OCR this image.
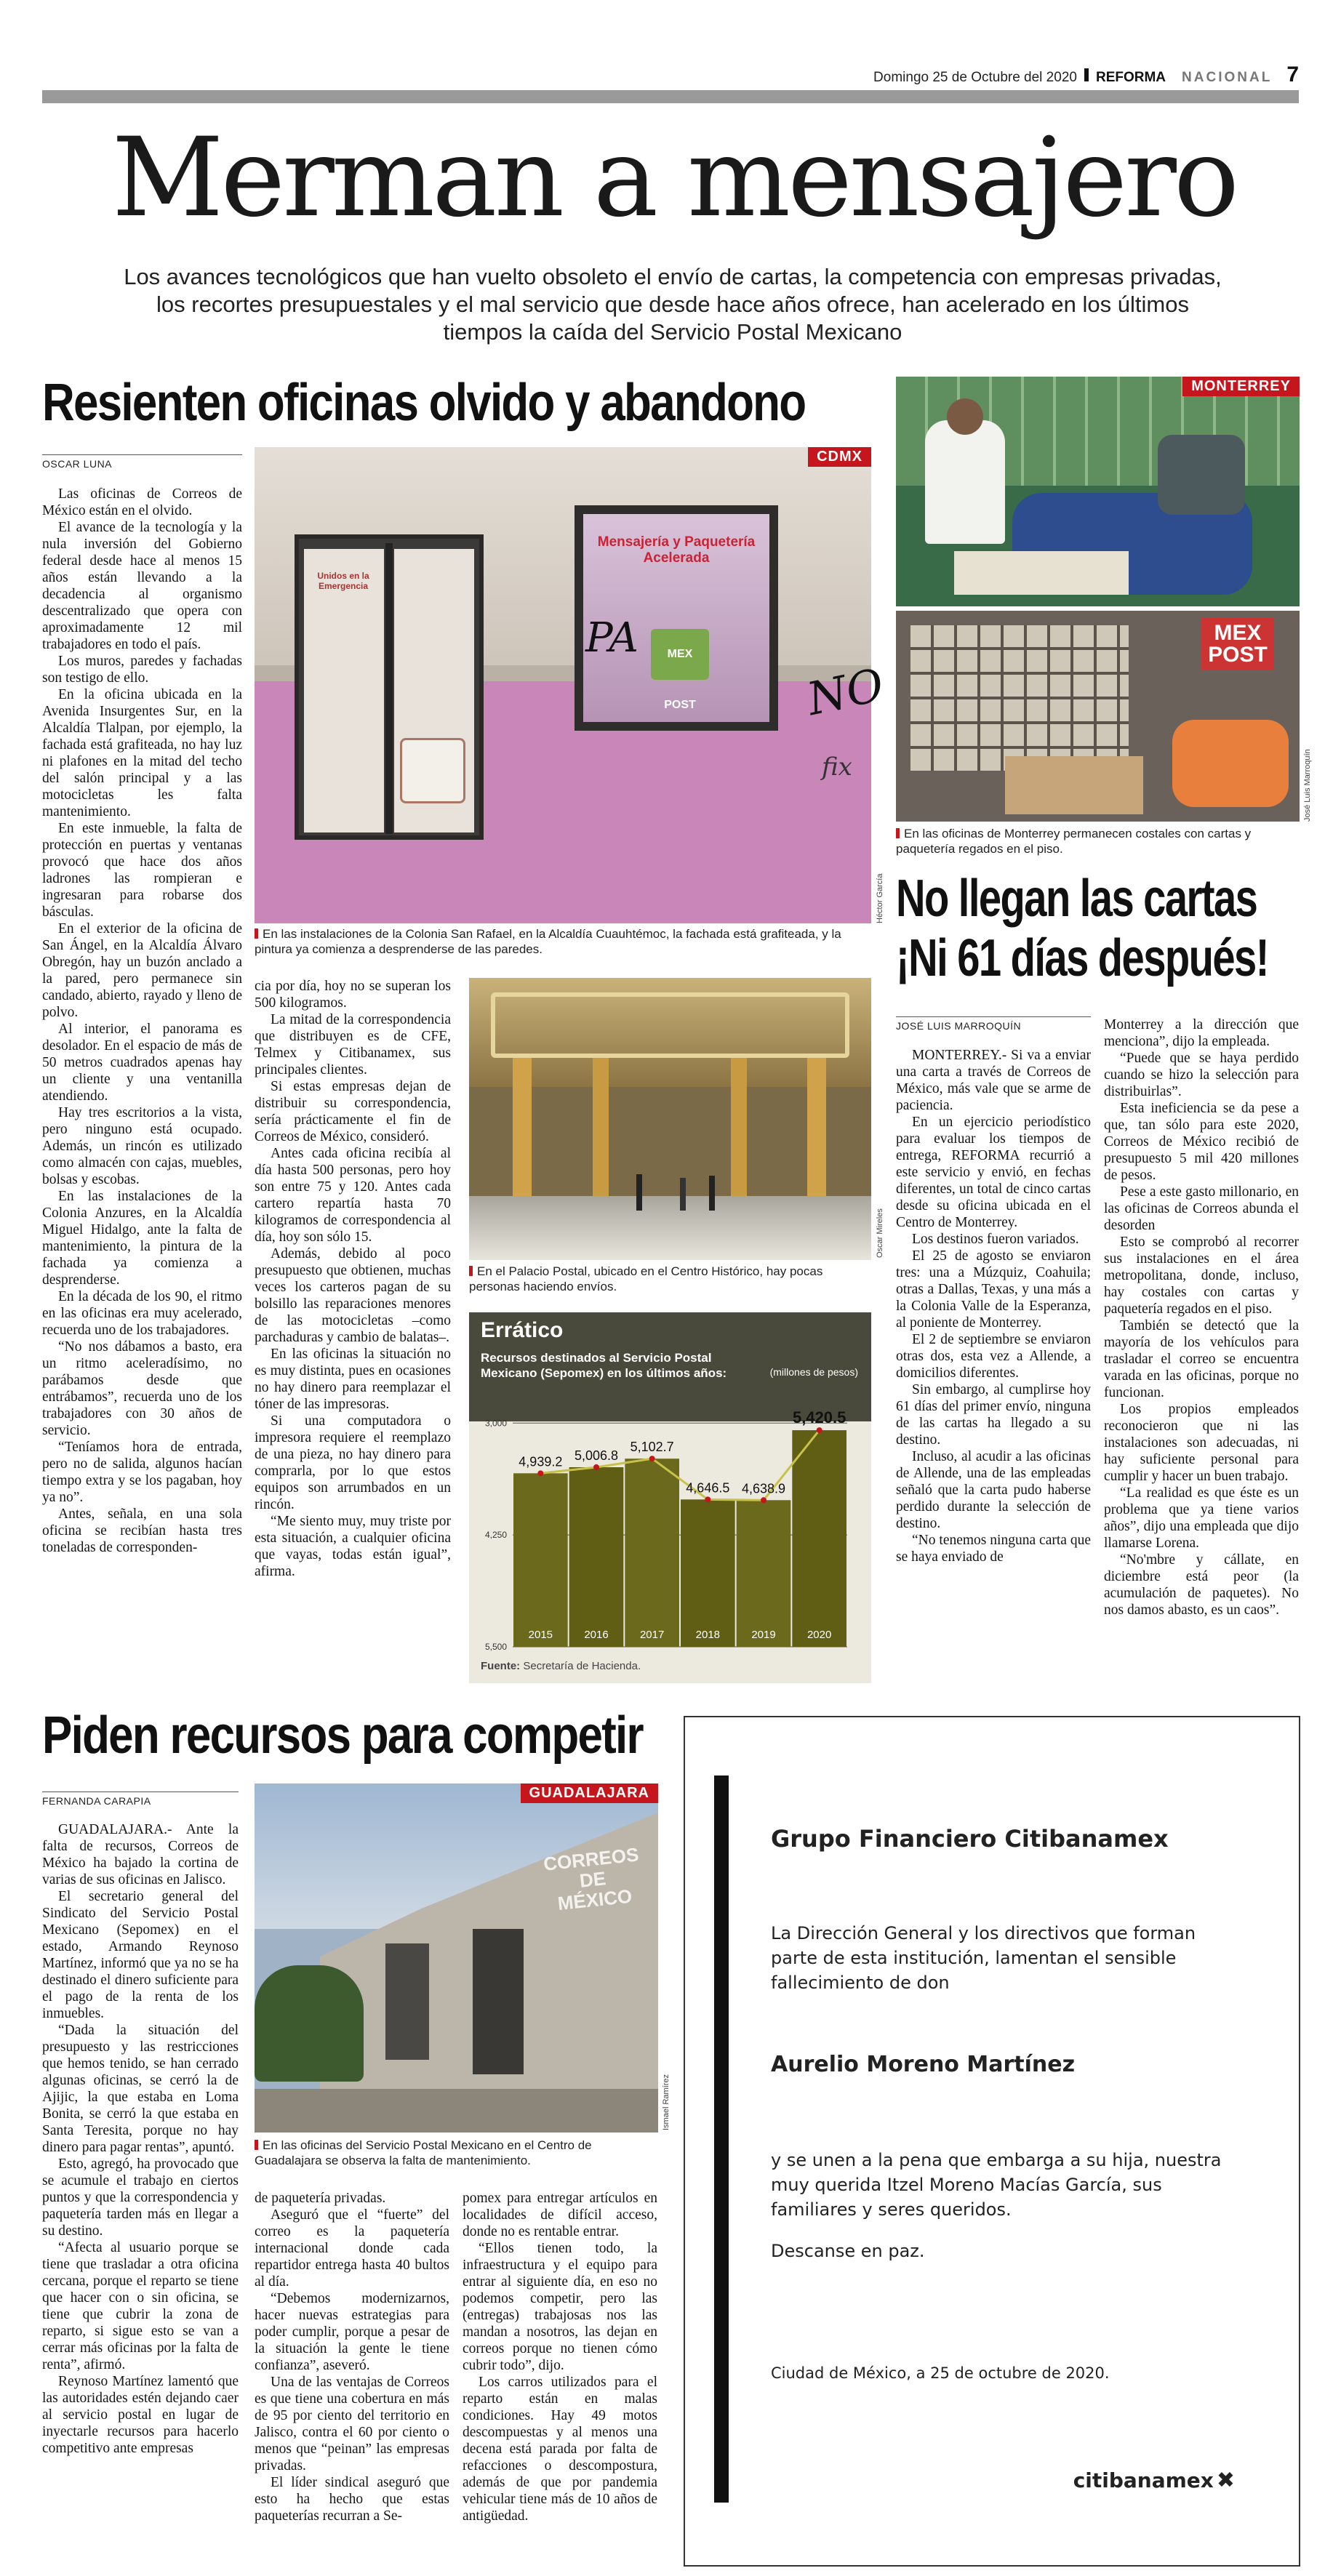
Domingo 25 de Octubre del 2020 REFORMA NACIONAL 7
Merman a mensajero
Los avances tecnológicos que han vuelto obsoleto el envío de cartas, la competencia con empresas privadas, los recortes presupuestales y el mal servicio que desde hace años ofrece, han acelerado en los últimos tiempos la caída del Servicio Postal Mexicano
Resienten oficinas olvido y abandono
OSCAR LUNA

Las oficinas de Correos de México están en el olvido.

El avance de la tecnología y la nula inversión del Gobierno federal desde hace al menos 15 años están llevando a la decadencia al organismo descentralizado que opera con aproximadamente 12 mil trabajadores en todo el país.

Los muros, paredes y fachadas son testigo de ello.

En la oficina ubicada en la Avenida Insurgentes Sur, en la Alcaldía Tlalpan, por ejemplo, la fachada está grafiteada, no hay luz ni plafones en la mitad del techo del salón principal y a las motocicletas les falta mantenimiento.

En este inmueble, la falta de protección en puertas y ventanas provocó que hace dos años ladrones las rompieran e ingresaran para robarse dos básculas.

En el exterior de la oficina de San Ángel, en la Alcaldía Álvaro Obregón, hay un buzón anclado a la pared, pero permanece sin candado, abierto, rayado y lleno de polvo.

Al interior, el panorama es desolador. En el espacio de más de 50 metros cuadrados apenas hay un cliente y una ventanilla atendiendo.

Hay tres escritorios a la vista, pero ninguno está ocupado. Además, un rincón es utilizado como almacén con cajas, muebles, bolsas y escobas.

En las instalaciones de la Colonia Anzures, en la Alcaldía Miguel Hidalgo, ante la falta de mantenimiento, la pintura de la fachada ya comienza a desprenderse.

En la década de los 90, el ritmo en las oficinas era muy acelerado, recuerda uno de los trabajadores.

“No nos dábamos a basto, era un ritmo aceleradísimo, no parábamos desde que entrábamos”, recuerda uno de los trabajadores con 30 años de servicio.

“Teníamos hora de entrada, pero no de salida, algunos hacían tiempo extra y se los pagaban, hoy ya no”.

Antes, señala, en una sola oficina se recibían hasta tres toneladas de corresponden-

Unidos en la Emergencia
Mensajería y Paquetería Acelerada
MEX POST
PA
NO
fix
CDMX
Héctor García
En las instalaciones de la Colonia San Rafael, en la Alcaldía Cuauhtémoc, la fachada está grafiteada, y la pintura ya comienza a desprenderse de las paredes.

cia por día, hoy no se superan los 500 kilogramos.

La mitad de la correspondencia que distribuyen es de CFE, Telmex y Citibanamex, sus principales clientes.

Si estas empresas dejan de distribuir su correspondencia, sería prácticamente el fin de Correos de México, consideró.

Antes cada oficina recibía al día hasta 500 personas, pero hoy son entre 75 y 120. Antes cada cartero repartía hasta 70 kilogramos de correspondencia al día, hoy son sólo 15.

Además, debido al poco presupuesto que obtienen, muchas veces los carteros pagan de su bolsillo las reparaciones menores de las motocicletas –como parchaduras y cambio de balatas–.

En las oficinas la situación no es muy distinta, pues en ocasiones no hay dinero para reemplazar el tóner de las impresoras.

Si una computadora o impresora requiere el reemplazo de una pieza, no hay dinero para comprarla, por lo que estos equipos son arrumbados en un rincón.

“Me siento muy, muy triste por esta situación, a cualquier oficina que vayas, todas están igual”, afirma.

Oscar Mireles
En el Palacio Postal, ubicado en el Centro Histórico, hay pocas personas haciendo envíos.
Errático
Recursos destinados al Servicio Postal Mexicano (Sepomex) en los últimos años:	(millones de pesos)
5,500
4,250
3,000
4,939.2
2015
5,006.8
2016
5,102.7
2017
4,646.5
2018
4,638.9
2019
5,420.5
2020
Fuente: Secretaría de Hacienda.
MONTERREY
MEX POST
José Luis Marroquín
En las oficinas de Monterrey permanecen costales con cartas y paquetería regados en el piso.
No llegan las cartas
¡Ni 61 días después!
JOSÉ LUIS MARROQUÍN

MONTERREY.- Si va a enviar una carta a través de Correos de México, más vale que se arme de paciencia.

En un ejercicio periodístico para evaluar los tiempos de entrega, REFORMA recurrió a este servicio y envió, en fechas diferentes, un total de cinco cartas desde su oficina ubicada en el Centro de Monterrey.

Los destinos fueron variados.

El 25 de agosto se enviaron tres: una a Múzquiz, Coahuila; otras a Dallas, Texas, y una más a la Colonia Valle de la Esperanza, al poniente de Monterrey.

El 2 de septiembre se enviaron otras dos, esta vez a Allende, a domicilios diferentes.

Sin embargo, al cumplirse hoy 61 días del primer envío, ninguna de las cartas ha llegado a su destino.

Incluso, al acudir a las oficinas de Allende, una de las empleadas señaló que la carta pudo haberse perdido durante la selección de destino.

“No tenemos ninguna carta que se haya enviado de

Monterrey a la dirección que menciona”, dijo la empleada.

“Puede que se haya perdido cuando se hizo la selección para distribuirlas”.

Esta ineficiencia se da pese a que, tan sólo para este 2020, Correos de México recibió de presupuesto 5 mil 420 millones de pesos.

Pese a este gasto millonario, en las oficinas de Correos abunda el desorden

Esto se comprobó al recorrer sus instalaciones en el área metropolitana, donde, incluso, hay costales con cartas y paquetería regados en el piso.

También se detectó que la mayoría de los vehículos para trasladar el correo se encuentra varada en las oficinas, porque no funcionan.

Los propios empleados reconocieron que ni las instalaciones son adecuadas, ni hay suficiente personal para cumplir y hacer un buen trabajo.

“La realidad es que éste es un problema que ya tiene varios años”, dijo una empleada que dijo llamarse Lorena.

“No'mbre y cállate, en diciembre está peor (la acumulación de paquetes). No nos damos abasto, es un caos”.

Piden recursos para competir
FERNANDA CARAPIA

GUADALAJARA.- Ante la falta de recursos, Correos de México ha bajado la cortina de varias de sus oficinas en Jalisco.

El secretario general del Sindicato del Servicio Postal Mexicano (Sepomex) en el estado, Armando Reynoso Martínez, informó que ya no se ha destinado el dinero suficiente para el pago de la renta de los inmuebles.

“Dada la situación del presupuesto y las restricciones que hemos tenido, se han cerrado algunas oficinas, se cerró la de Ajijic, la que estaba en Loma Bonita, se cerró la que estaba en Santa Teresita, porque no hay dinero para pagar rentas”, apuntó.

Esto, agregó, ha provocado que se acumule el trabajo en ciertos puntos y que la correspondencia y paquetería tarden más en llegar a su destino.

“Afecta al usuario porque se tiene que trasladar a otra oficina cercana, porque el reparto se tiene que hacer con o sin oficina, se tiene que cubrir la zona de reparto, si sigue esto se van a cerrar más oficinas por la falta de renta”, afirmó.

Reynoso Martínez lamentó que las autoridades estén dejando caer al servicio postal en lugar de inyectarle recursos para hacerlo competitivo ante empresas

CORREOS DE MÉXICO
GUADALAJARA
Ismael Ramírez
En las oficinas del Servicio Postal Mexicano en el Centro de Guadalajara se observa la falta de mantenimiento.

de paquetería privadas.

Aseguró que el “fuerte” del correo es la paquetería internacional donde cada repartidor entrega hasta 40 bultos al día.

“Debemos modernizarnos, hacer nuevas estrategias para poder cumplir, porque a pesar de la situación la gente le tiene confianza”, aseveró.

Una de las ventajas de Correos es que tiene una cobertura en más de 95 por ciento del territorio en Jalisco, contra el 60 por ciento o menos que “peinan” las empresas privadas.

El líder sindical aseguró que esto ha hecho que estas paqueterías recurran a Se-

pomex para entregar artículos en localidades de difícil acceso, donde no es rentable entrar.

“Ellos tienen todo, la infraestructura y el equipo para entrar al siguiente día, en eso no podemos competir, pero las (entregas) trabajosas nos las mandan a nosotros, las dejan en correos porque no tienen cómo cubrir todo”, dijo.

Los carros utilizados para el reparto están en malas condiciones. Hay 49 motos descompuestas y al menos una decena está parada por falta de refacciones o descompostura, además de que por pandemia vehicular tiene más de 10 años de antigüedad.

Grupo Financiero Citibanamex
La Dirección General y los directivos que forman parte de esta institución, lamentan el sensible fallecimiento de don
Aurelio Moreno Martínez
y se unen a la pena que embarga a su hija, nuestra muy querida Itzel Moreno Macías García, sus familiares y seres queridos.
Descanse en paz.
Ciudad de México, a 25 de octubre de 2020.
citibanamex ✖
